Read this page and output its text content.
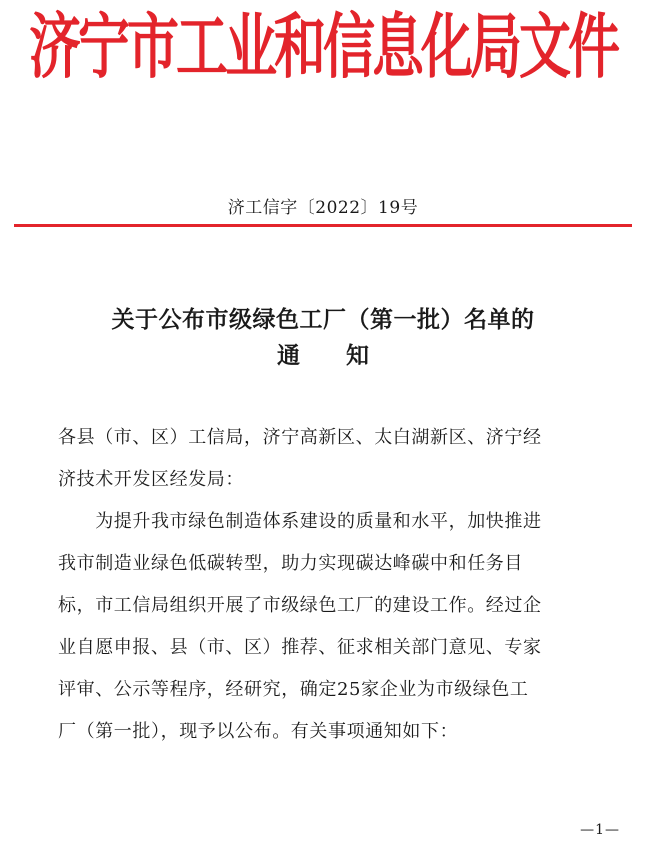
济宁市工业和信息化局文件
济工信字〔2022〕19号
关于公布市级绿色工厂（第一批）名单的
通 知
各县（市、区）工信局，济宁高新区、太白湖新区、济宁经
济技术开发区经发局：
　　为提升我市绿色制造体系建设的质量和水平，加快推进
我市制造业绿色低碳转型，助力实现碳达峰碳中和任务目
标，市工信局组织开展了市级绿色工厂的建设工作。经过企
业自愿申报、县（市、区）推荐、征求相关部门意见、专家
评审、公示等程序，经研究，确定25家企业为市级绿色工
厂（第一批），现予以公布。有关事项通知如下：
—1—
